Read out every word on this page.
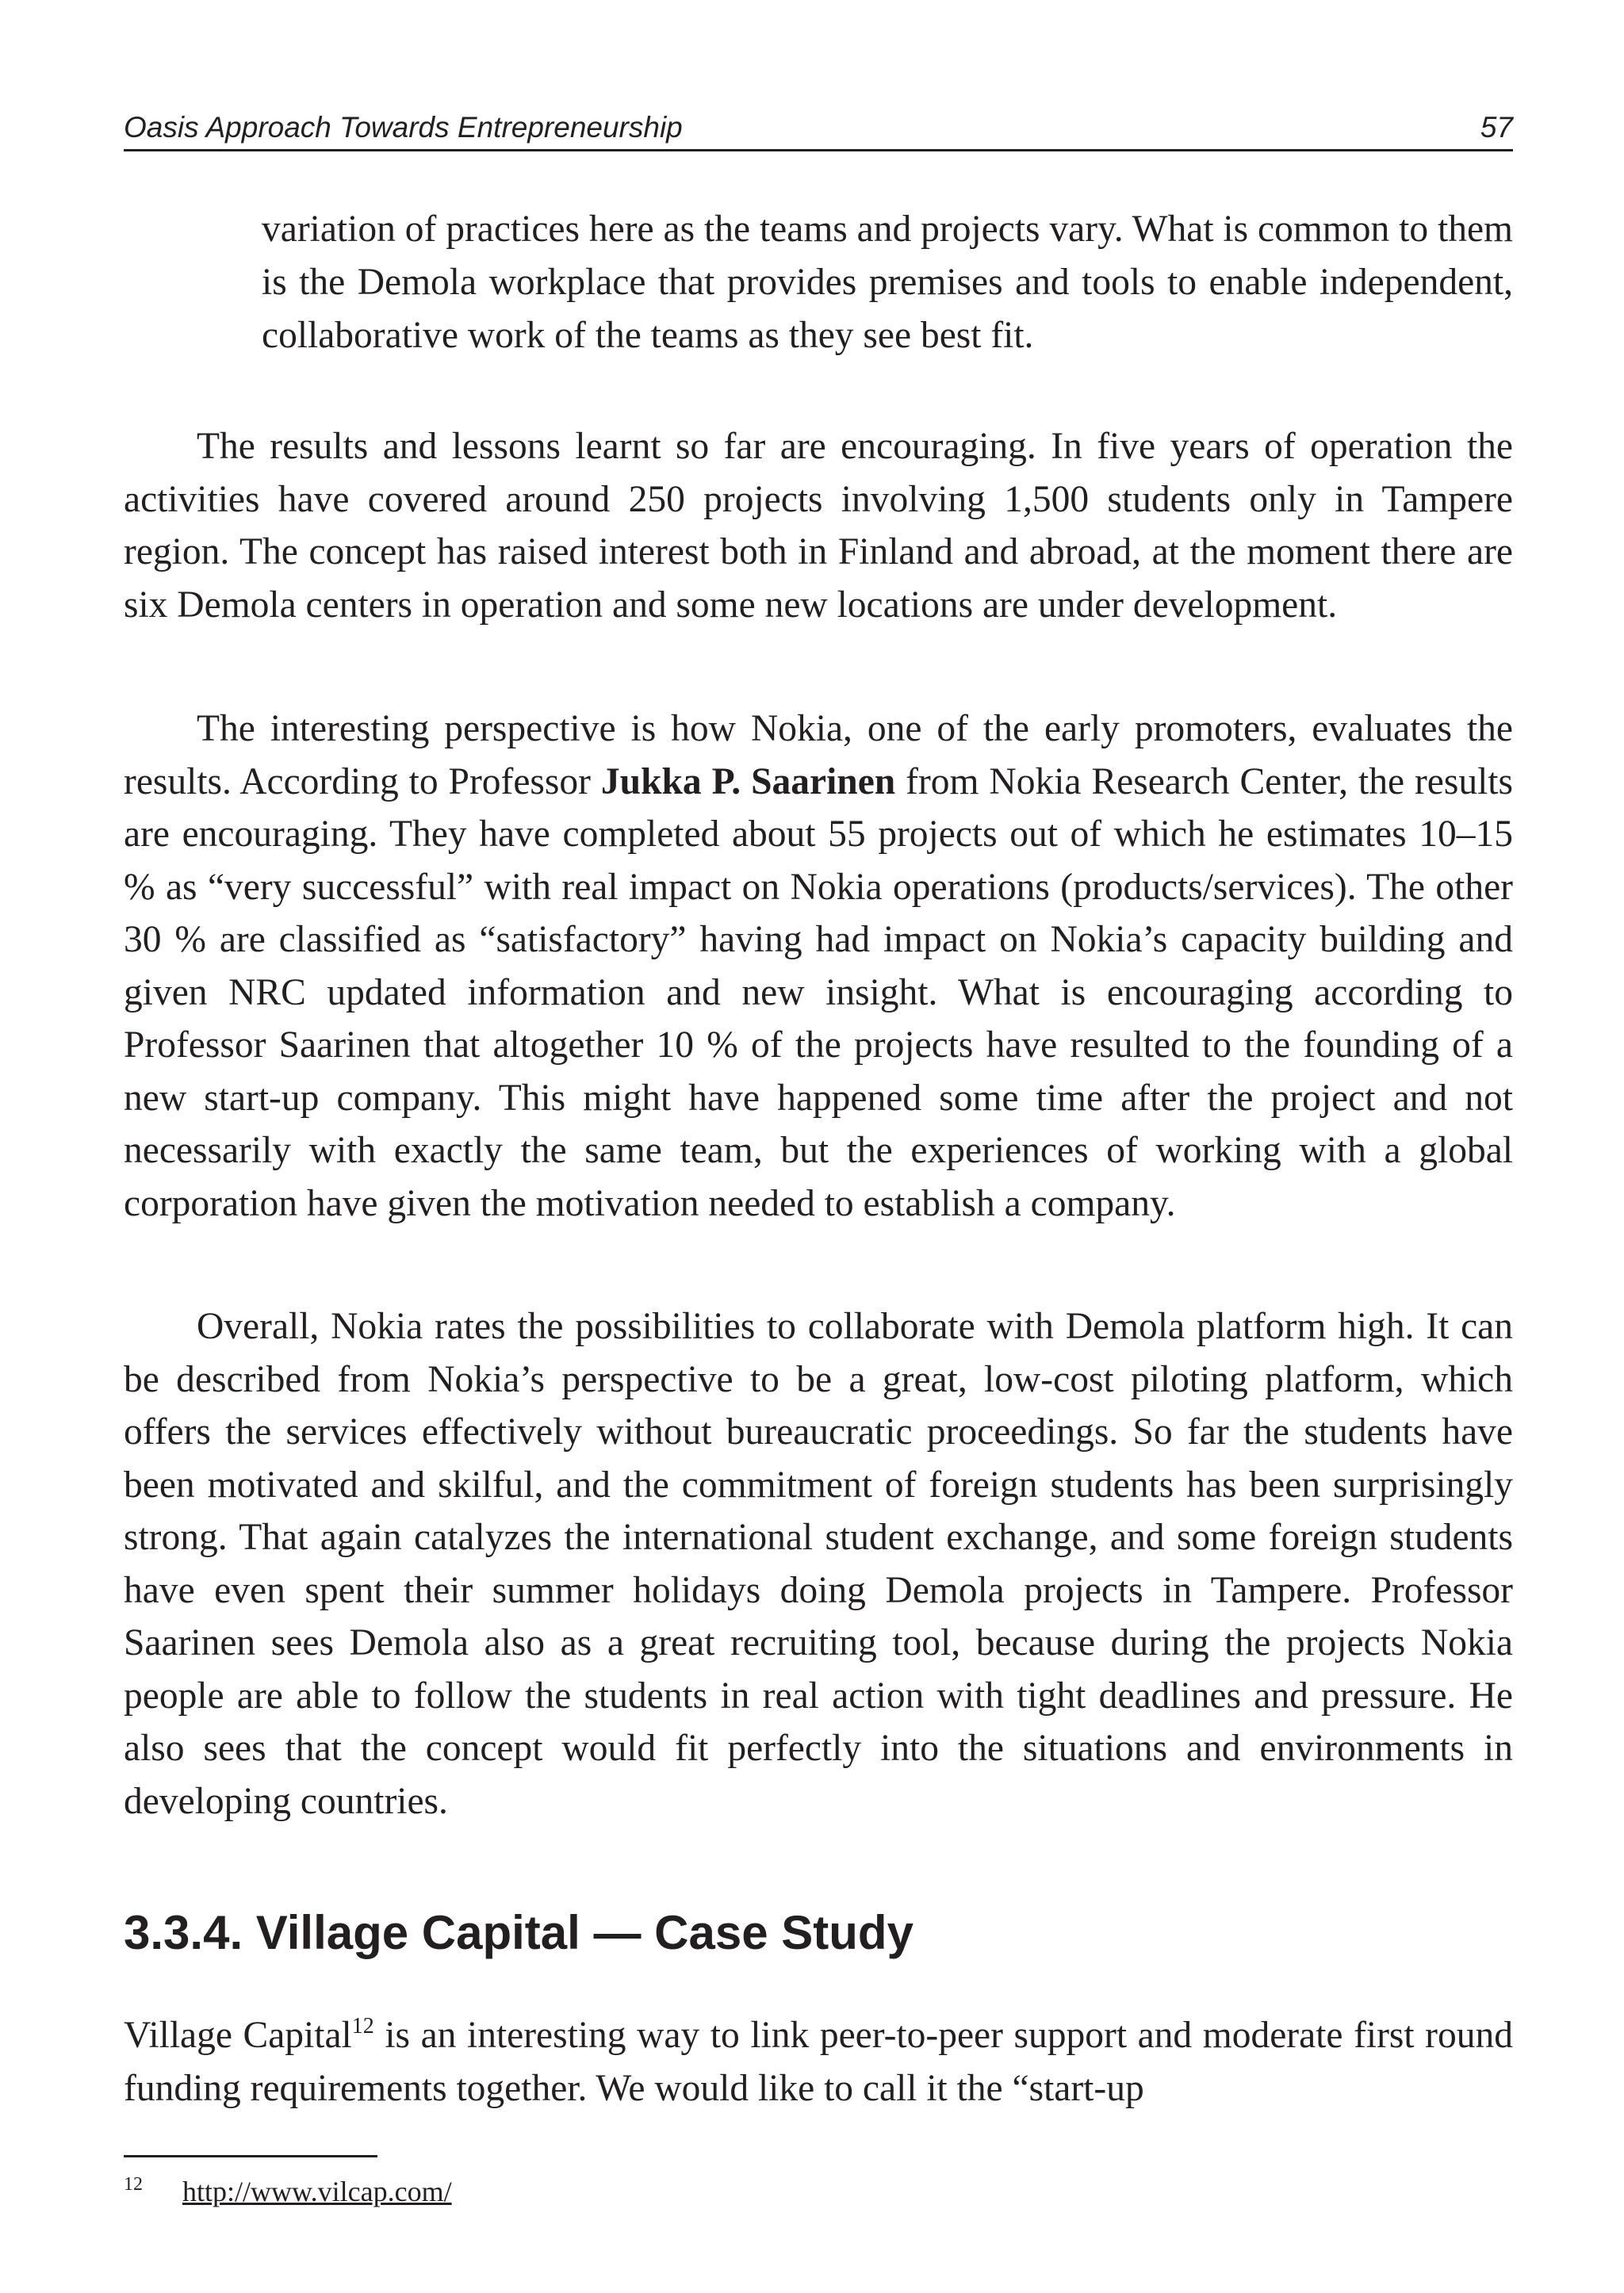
Oasis Approach Towards Entrepreneurship	57

variation of practices here as the teams and projects vary. What is common to them is the Demola workplace that provides premises and tools to enable independent, collaborative work of the teams as they see best fit.

The results and lessons learnt so far are encouraging. In five years of operation the activities have covered around 250 projects involving 1,500 students only in Tampere region. The concept has raised interest both in Finland and abroad, at the moment there are six Demola centers in operation and some new locations are under development.

The interesting perspective is how Nokia, one of the early promoters, evaluates the results. According to Professor Jukka P. Saarinen from Nokia Research Center, the results are encouraging. They have completed about 55 projects out of which he estimates 10–15 % as “very successful” with real impact on Nokia operations (products/services). The other 30 % are classified as “satisfactory” having had impact on Nokia’s capacity building and given NRC updated information and new insight. What is encouraging according to Professor Saarinen that altogether 10 % of the projects have resulted to the founding of a new start-up company. This might have happened some time after the project and not necessarily with exactly the same team, but the experiences of working with a global corporation have given the motivation needed to establish a company.

Overall, Nokia rates the possibilities to collaborate with Demola platform high. It can be described from Nokia’s perspective to be a great, low-cost piloting platform, which offers the services effectively without bureaucratic proceedings. So far the students have been motivated and skilful, and the commitment of foreign students has been surprisingly strong. That again catalyzes the international student exchange, and some foreign students have even spent their summer holidays doing Demola projects in Tampere. Professor Saarinen sees Demola also as a great recruiting tool, because during the projects Nokia people are able to follow the students in real action with tight deadlines and pressure. He also sees that the concept would fit perfectly into the situations and environments in developing countries.

3.3.4. Village Capital — Case Study

Village Capital$^{12}$ is an interesting way to link peer-to-peer support and moderate first round funding requirements together. We would like to call it the “start-up

12 http://www.vilcap.com/
